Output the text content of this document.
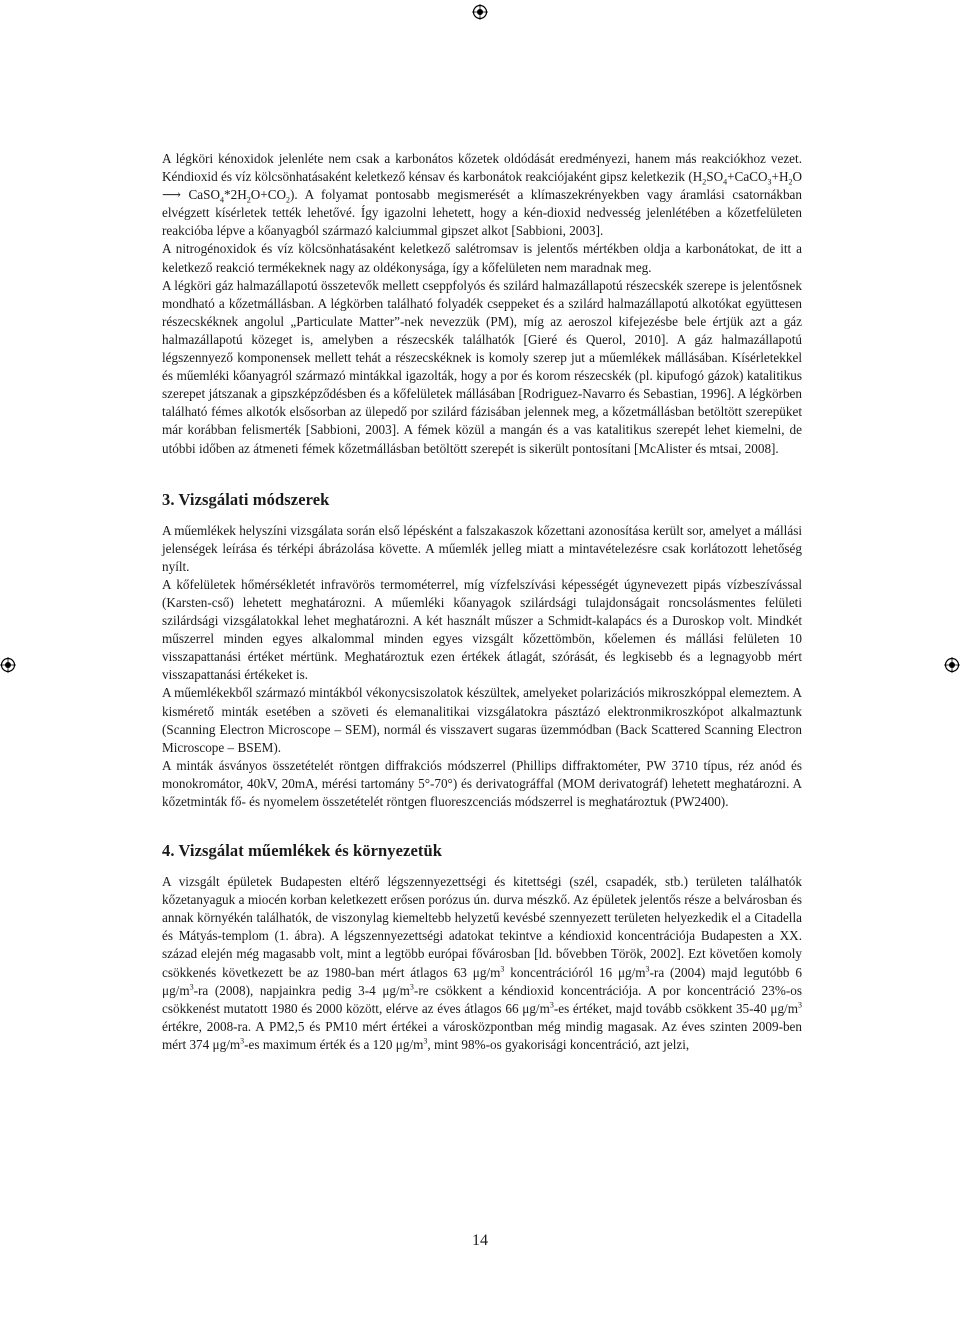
A légköri kénoxidok jelenléte nem csak a karbonátos kőzetek oldódását eredményezi, hanem más reakciókhoz vezet. Kéndioxid és víz kölcsönhatásaként keletkező kénsav és karbonátok reakciójaként gipsz keletkezik ($H_2SO_4+CaCO_3+H_2O$ ⟶ $CaSO_4*2H_2O+CO_2$). A folyamat pontosabb megismerését a klímaszekrényekben vagy áramlási csatornákban elvégzett kísérletek tették lehetővé. Így igazolni lehetett, hogy a kén-dioxid nedvesség jelenlétében a kőzetfelületen reakcióba lépve a kőanyagból származó kalciummal gipszet alkot [Sabbioni, 2003].

A nitrogénoxidok és víz kölcsönhatásaként keletkező salétromsav is jelentős mértékben oldja a karbonátokat, de itt a keletkező reakció termékeknek nagy az oldékonysága, így a kőfelületen nem maradnak meg.

A légköri gáz halmazállapotú összetevők mellett cseppfolyós és szilárd halmazállapotú részecskék szerepe is jelentősnek mondható a kőzetmállásban. A légkörben található folyadék cseppeket és a szilárd halmazállapotú alkotókat együttesen részecskéknek angolul „Particulate Matter”-nek nevezzük (PM), míg az aeroszol kifejezésbe bele értjük azt a gáz halmazállapotú közeget is, amelyben a részecskék találhatók [Gieré és Querol, 2010]. A gáz halmazállapotú légszennyező komponensek mellett tehát a részecskéknek is komoly szerep jut a műemlékek mállásában. Kísérletekkel és műemléki kőanyagról származó mintákkal igazolták, hogy a por és korom részecskék (pl. kipufogó gázok) katalitikus szerepet játszanak a gipszképződésben és a kőfelületek mállásában [Rodriguez-Navarro és Sebastian, 1996]. A légkörben található fémes alkotók elsősorban az ülepedő por szilárd fázisában jelennek meg, a kőzetmállásban betöltött szerepüket már korábban felismerték [Sabbioni, 2003]. A fémek közül a mangán és a vas katalitikus szerepét lehet kiemelni, de utóbbi időben az átmeneti fémek kőzetmállásban betöltött szerepét is sikerült pontosítani [McAlister és mtsai, 2008].

3. Vizsgálati módszerek

A műemlékek helyszíni vizsgálata során első lépésként a falszakaszok kőzettani azonosítása került sor, amelyet a mállási jelenségek leírása és térképi ábrázolása követte. A műemlék jelleg miatt a mintavételezésre csak korlátozott lehetőség nyílt.

A kőfelületek hőmérsékletét infravörös termométerrel, míg vízfelszívási képességét úgynevezett pipás vízbeszívással (Karsten-cső) lehetett meghatározni. A műemléki kőanyagok szilárdsági tulajdonságait roncsolásmentes felületi szilárdsági vizsgálatokkal lehet meghatározni. A két használt műszer a Schmidt-kalapács és a Duroskop volt. Mindkét műszerrel minden egyes alkalommal minden egyes vizsgált kőzettömbön, kőelemen és mállási felületen 10 visszapattanási értéket mértünk. Meghatároztuk ezen értékek átlagát, szórását, és legkisebb és a legnagyobb mért visszapattanási értékeket is.

A műemlékekből származó mintákból vékonycsiszolatok készültek, amelyeket polarizációs mikroszkóppal elemeztem. A kismérető minták esetében a szöveti és elemanalitikai vizsgálatokra pásztázó elektronmikroszkópot alkalmaztunk (Scanning Electron Microscope – SEM), normál és visszavert sugaras üzemmódban (Back Scattered Scanning Electron Microscope – BSEM).

A minták ásványos összetételét röntgen diffrakciós módszerrel (Phillips diffraktométer, PW 3710 típus, réz anód és monokromátor, 40kV, 20mA, mérési tartomány 5°-70°) és derivatográffal (MOM derivatográf) lehetett meghatározni. A kőzetminták fő- és nyomelem összetételét röntgen fluoreszcenciás módszerrel is meghatároztuk (PW2400).

4. Vizsgálat műemlékek és környezetük

A vizsgált épületek Budapesten eltérő légszennyezettségi és kitettségi (szél, csapadék, stb.) területen találhatók kőzetanyaguk a miocén korban keletkezett erősen porózus ún. durva mészkő. Az épületek jelentős része a belvárosban és annak környékén találhatók, de viszonylag kiemeltebb helyzetű kevésbé szennyezett területen helyezkedik el a Citadella és Mátyás-templom (1. ábra). A légszennyezettségi adatokat tekintve a kéndioxid koncentrációja Budapesten a XX. század elején még magasabb volt, mint a legtöbb európai fővárosban [ld. bővebben Török, 2002]. Ezt követően komoly csökkenés következett be az 1980-ban mért átlagos 63 $\mu g/m^3$ koncentrációról 16 $\mu g/m^3-ra$ (2004) majd legutóbb 6 $\mu g/m^3-ra$ (2008), napjainkra pedig 3-4 $\mu g/m^3-re$ csökkent a kéndioxid koncentrációja. A por koncentráció 23%-os csökkenést mutatott 1980 és 2000 között, elérve az éves átlagos 66 $\mu g/m^3-es$ értéket, majd tovább csökkent 35-40 $\mu g/m^3$ értékre, 2008-ra. A PM2,5 és PM10 mért értékei a városközpontban még mindig magasak. Az éves szinten 2009-ben mért 374 $\mu g/m^3-es$ maximum érték és a 120 $\mu g/m^3$, mint 98%-os gyakorisági koncentráció, azt jelzi,

14
